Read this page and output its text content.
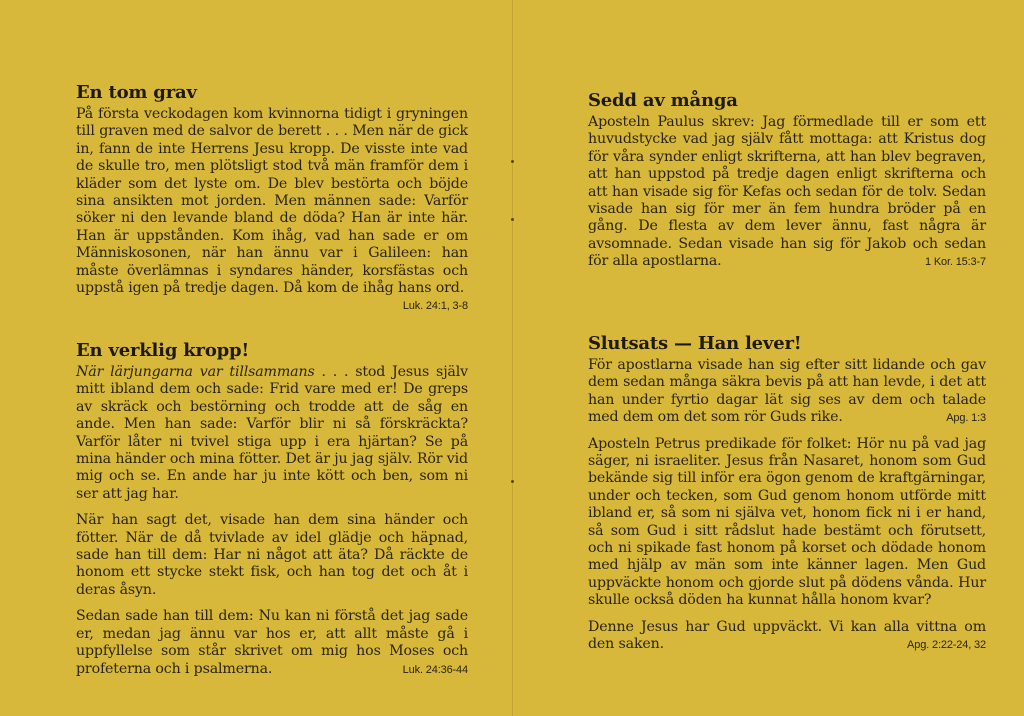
En tom grav

På första veckodagen kom kvinnorna tidigt i gryningen till graven med de salvor de berett . . . Men när de gick in, fann de inte Herrens Jesu kropp. De visste inte vad de skulle tro, men plötsligt stod två män framför dem i kläder som det lyste om. De blev bestörta och böjde sina ansikten mot jorden. Men männen sade: Varför söker ni den levande bland de döda? Han är inte här. Han är uppstånden. Kom ihåg, vad han sade er om Människosonen, när han ännu var i Galileen: han måste överlämnas i syndares händer, korsfästas och uppstå igen på tredje dagen. Då kom de ihåg hans ord.
Luk. 24:1, 3-8

En verklig kropp!

När lärjungarna var tillsammans . . . stod Jesus själv mitt ibland dem och sade: Frid vare med er! De greps av skräck och bestörning och trodde att de såg en ande. Men han sade: Varför blir ni så förskräckta? Varför låter ni tvivel stiga upp i era hjärtan? Se på mina händer och mina fötter. Det är ju jag själv. Rör vid mig och se. En ande har ju inte kött och ben, som ni ser att jag har.

När han sagt det, visade han dem sina händer och fötter. När de då tvivlade av idel glädje och häpnad, sade han till dem: Har ni något att äta? Då räckte de honom ett stycke stekt fisk, och han tog det och åt i deras åsyn.

Sedan sade han till dem: Nu kan ni förstå det jag sade er, medan jag ännu var hos er, att allt måste gå i uppfyllelse som står skrivet om mig hos Moses och profeterna och i psalmerna.	Luk. 24:36-44

Sedd av många

Aposteln Paulus skrev: Jag förmedlade till er som ett huvudstycke vad jag själv fått mottaga: att Kristus dog för våra synder enligt skrifterna, att han blev begraven, att han uppstod på tredje dagen enligt skrifterna och att han visade sig för Kefas och sedan för de tolv. Sedan visade han sig för mer än fem hundra bröder på en gång. De flesta av dem lever ännu, fast några är avsomnade. Sedan visade han sig för Jakob och sedan för alla apostlarna.	1 Kor. 15:3-7

Slutsats — Han lever!

För apostlarna visade han sig efter sitt lidande och gav dem sedan många säkra bevis på att han levde, i det att han under fyrtio dagar lät sig ses av dem och talade med dem om det som rör Guds rike.	Apg. 1:3

Aposteln Petrus predikade för folket: Hör nu på vad jag säger, ni israeliter. Jesus från Nasaret, honom som Gud bekände sig till inför era ögon genom de kraftgärningar, under och tecken, som Gud genom honom utförde mitt ibland er, så som ni själva vet, honom fick ni i er hand, så som Gud i sitt rådslut hade bestämt och förutsett, och ni spikade fast honom på korset och dödade honom med hjälp av män som inte känner lagen. Men Gud uppväckte honom och gjorde slut på dödens vånda. Hur skulle också döden ha kunnat hålla honom kvar?

Denne Jesus har Gud uppväckt. Vi kan alla vittna om den saken.	Apg. 2:22-24, 32
